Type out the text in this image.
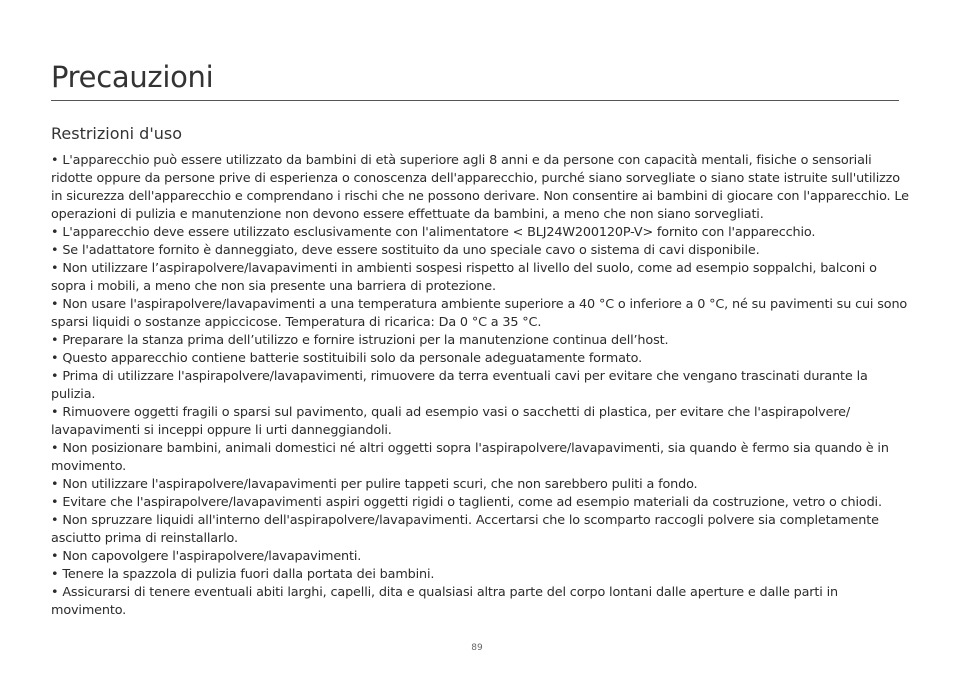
Precauzioni
Restrizioni d'uso
• L'apparecchio può essere utilizzato da bambini di età superiore agli 8 anni e da persone con capacità mentali, fisiche o sensoriali ridotte oppure da persone prive di esperienza o conoscenza dell'apparecchio, purché siano sorvegliate o siano state istruite sull'utilizzo in sicurezza dell'apparecchio e comprendano i rischi che ne possono derivare. Non consentire ai bambini di giocare con l'apparecchio. Le operazioni di pulizia e manutenzione non devono essere effettuate da bambini, a meno che non siano sorvegliati.
• L'apparecchio deve essere utilizzato esclusivamente con l'alimentatore < BLJ24W200120P-V> fornito con l'apparecchio.
• Se l'adattatore fornito è danneggiato, deve essere sostituito da uno speciale cavo o sistema di cavi disponibile.
• Non utilizzare l’aspirapolvere/lavapavimenti in ambienti sospesi rispetto al livello del suolo, come ad esempio soppalchi, balconi o sopra i mobili, a meno che non sia presente una barriera di protezione.
• Non usare l'aspirapolvere/lavapavimenti a una temperatura ambiente superiore a 40 °C o inferiore a 0 °C, né su pavimenti su cui sono sparsi liquidi o sostanze appiccicose. Temperatura di ricarica: Da 0 °C a 35 °C.
• Preparare la stanza prima dell’utilizzo e fornire istruzioni per la manutenzione continua dell’host.
• Questo apparecchio contiene batterie sostituibili solo da personale adeguatamente formato.
• Prima di utilizzare l'aspirapolvere/lavapavimenti, rimuovere da terra eventuali cavi per evitare che vengano trascinati durante la pulizia.
• Rimuovere oggetti fragili o sparsi sul pavimento, quali ad esempio vasi o sacchetti di plastica, per evitare che l'aspirapolvere/ lavapavimenti si inceppi oppure li urti danneggiandoli.
• Non posizionare bambini, animali domestici né altri oggetti sopra l'aspirapolvere/lavapavimenti, sia quando è fermo sia quando è in movimento.
• Non utilizzare l'aspirapolvere/lavapavimenti per pulire tappeti scuri, che non sarebbero puliti a fondo.
• Evitare che l'aspirapolvere/lavapavimenti aspiri oggetti rigidi o taglienti, come ad esempio materiali da costruzione, vetro o chiodi.
• Non spruzzare liquidi all'interno dell'aspirapolvere/lavapavimenti. Accertarsi che lo scomparto raccogli polvere sia completamente asciutto prima di reinstallarlo.
• Non capovolgere l'aspirapolvere/lavapavimenti.
• Tenere la spazzola di pulizia fuori dalla portata dei bambini.
• Assicurarsi di tenere eventuali abiti larghi, capelli, dita e qualsiasi altra parte del corpo lontani dalle aperture e dalle parti in movimento.
89
